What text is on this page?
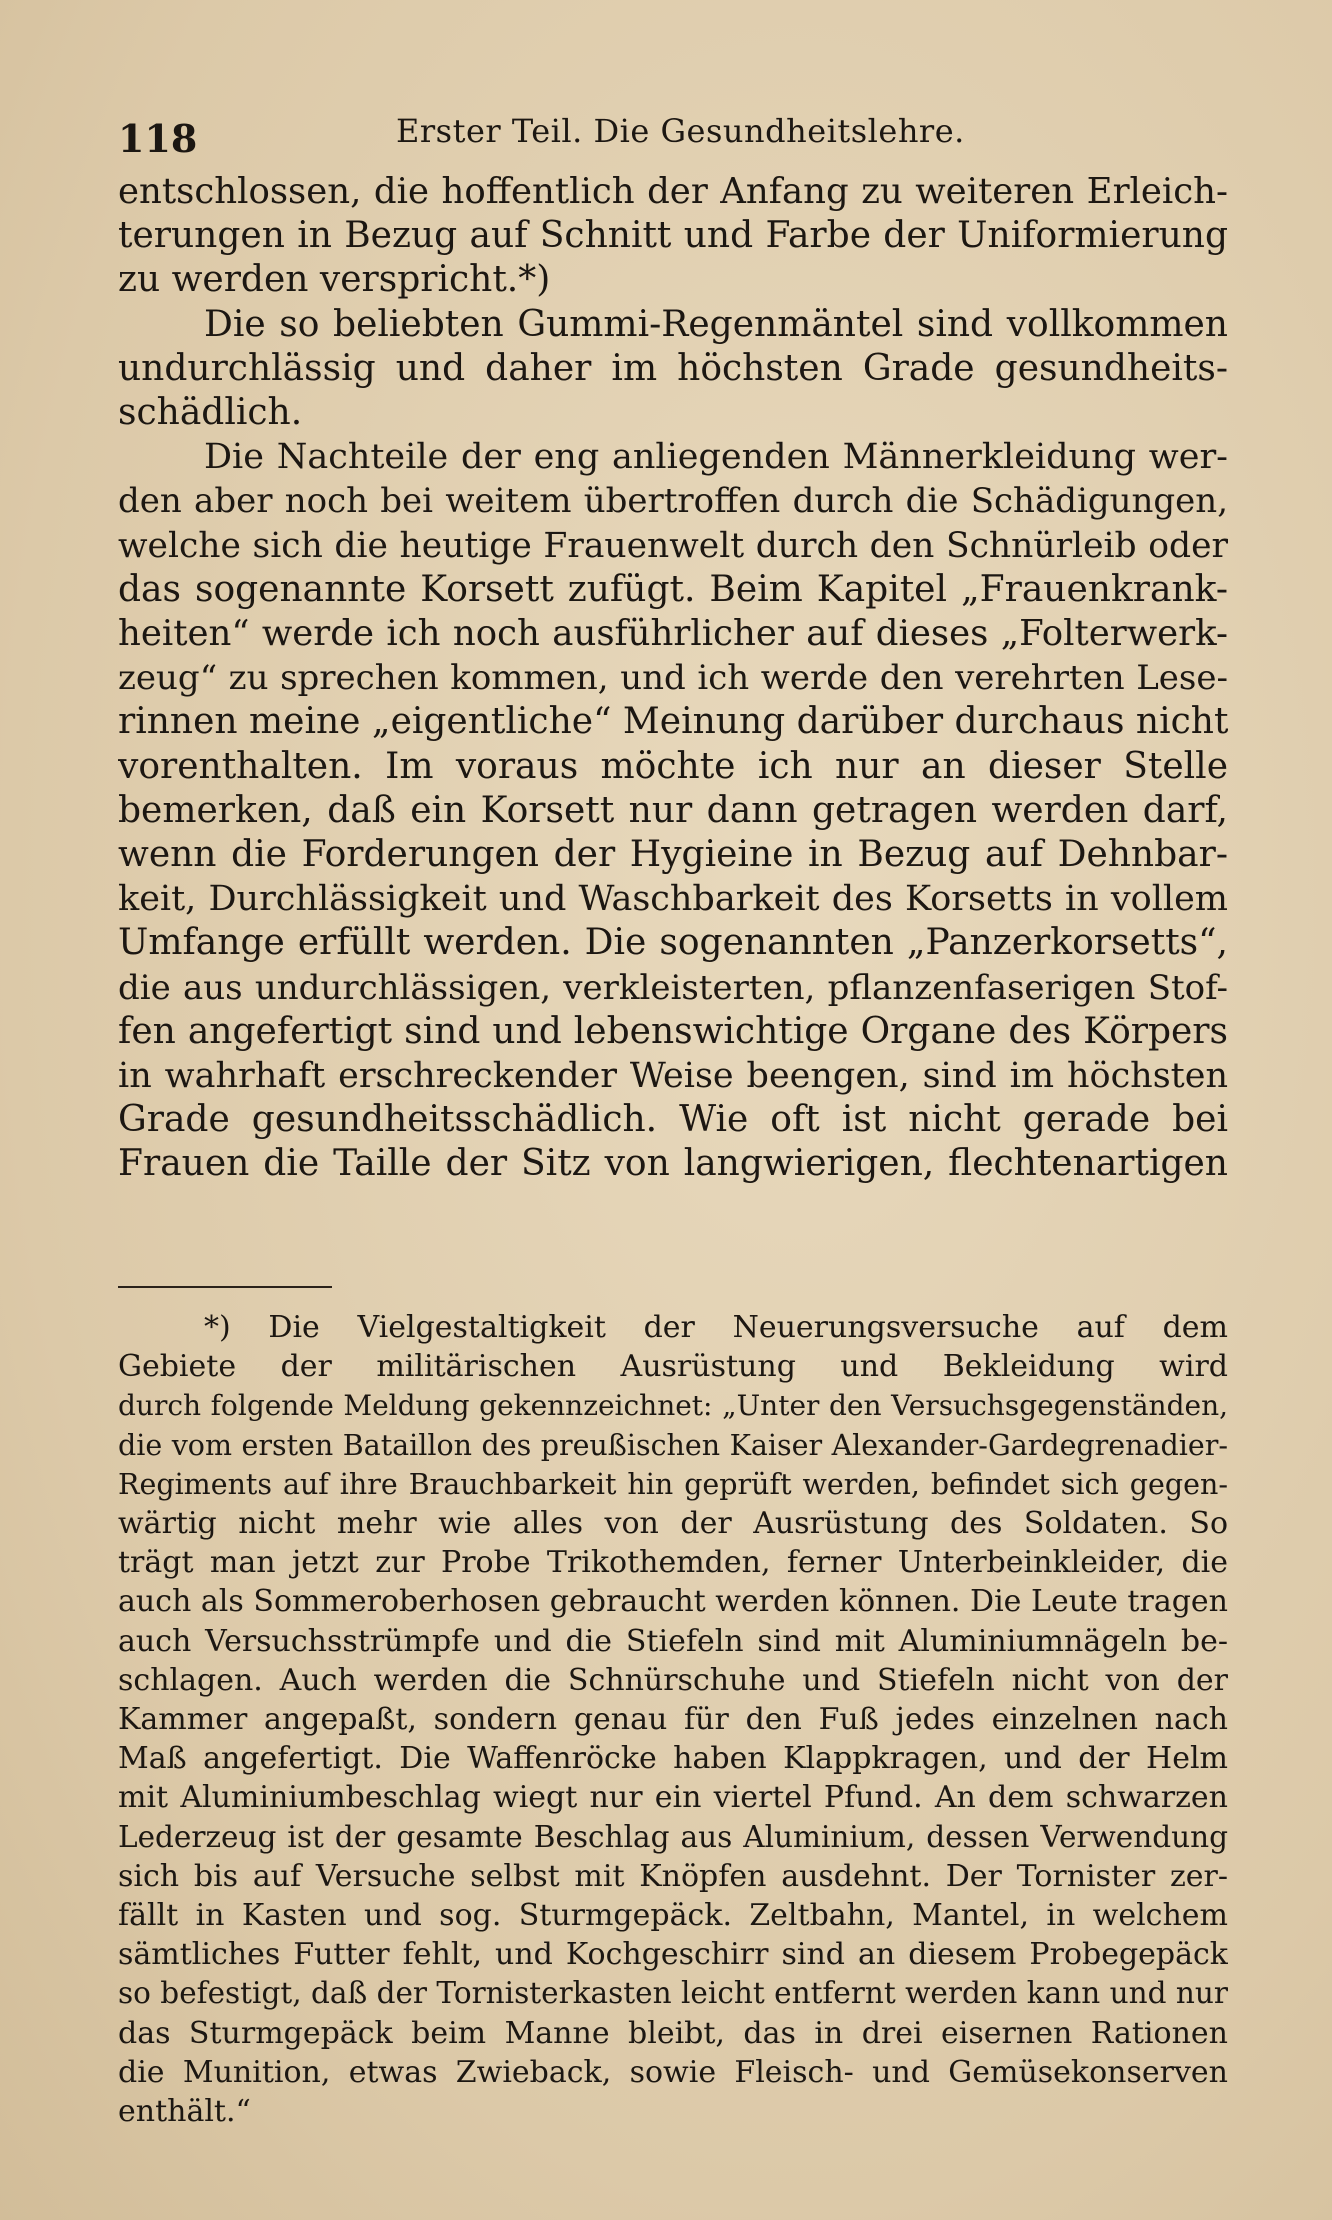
118	Erster Teil. Die Gesundheitslehre.
entschlossen, die hoffentlich der Anfang zu weiteren Erleich-
terungen in Bezug auf Schnitt und Farbe der Uniformierung
zu werden verspricht.*)
Die so beliebten Gummi-Regenmäntel sind vollkommen
undurchlässig und daher im höchsten Grade gesundheits-
schädlich.
Die Nachteile der eng anliegenden Männerkleidung wer-
den aber noch bei weitem übertroffen durch die Schädigungen,
welche sich die heutige Frauenwelt durch den Schnürleib oder
das sogenannte Korsett zufügt. Beim Kapitel „Frauenkrank-
heiten“ werde ich noch ausführlicher auf dieses „Folterwerk-
zeug“ zu sprechen kommen, und ich werde den verehrten Lese-
rinnen meine „eigentliche“ Meinung darüber durchaus nicht
vorenthalten. Im voraus möchte ich nur an dieser Stelle
bemerken, daß ein Korsett nur dann getragen werden darf,
wenn die Forderungen der Hygieine in Bezug auf Dehnbar-
keit, Durchlässigkeit und Waschbarkeit des Korsetts in vollem
Umfange erfüllt werden. Die sogenannten „Panzerkorsetts“,
die aus undurchlässigen, verkleisterten, pflanzenfaserigen Stof-
fen angefertigt sind und lebenswichtige Organe des Körpers
in wahrhaft erschreckender Weise beengen, sind im höchsten
Grade gesundheitsschädlich. Wie oft ist nicht gerade bei
Frauen die Taille der Sitz von langwierigen, flechtenartigen
*) Die Vielgestaltigkeit der Neuerungsversuche auf dem
Gebiete der militärischen Ausrüstung und Bekleidung wird
durch folgende Meldung gekennzeichnet: „Unter den Versuchsgegenständen,
die vom ersten Bataillon des preußischen Kaiser Alexander-Gardegrenadier-
Regiments auf ihre Brauchbarkeit hin geprüft werden, befindet sich gegen-
wärtig nicht mehr wie alles von der Ausrüstung des Soldaten. So
trägt man jetzt zur Probe Trikothemden, ferner Unterbeinkleider, die
auch als Sommeroberhosen gebraucht werden können. Die Leute tragen
auch Versuchsstrümpfe und die Stiefeln sind mit Aluminiumnägeln be-
schlagen. Auch werden die Schnürschuhe und Stiefeln nicht von der
Kammer angepaßt, sondern genau für den Fuß jedes einzelnen nach
Maß angefertigt. Die Waffenröcke haben Klappkragen, und der Helm
mit Aluminiumbeschlag wiegt nur ein viertel Pfund. An dem schwarzen
Lederzeug ist der gesamte Beschlag aus Aluminium, dessen Verwendung
sich bis auf Versuche selbst mit Knöpfen ausdehnt. Der Tornister zer-
fällt in Kasten und sog. Sturmgepäck. Zeltbahn, Mantel, in welchem
sämtliches Futter fehlt, und Kochgeschirr sind an diesem Probegepäck
so befestigt, daß der Tornisterkasten leicht entfernt werden kann und nur
das Sturmgepäck beim Manne bleibt, das in drei eisernen Rationen
die Munition, etwas Zwieback, sowie Fleisch- und Gemüsekonserven
enthält.“
